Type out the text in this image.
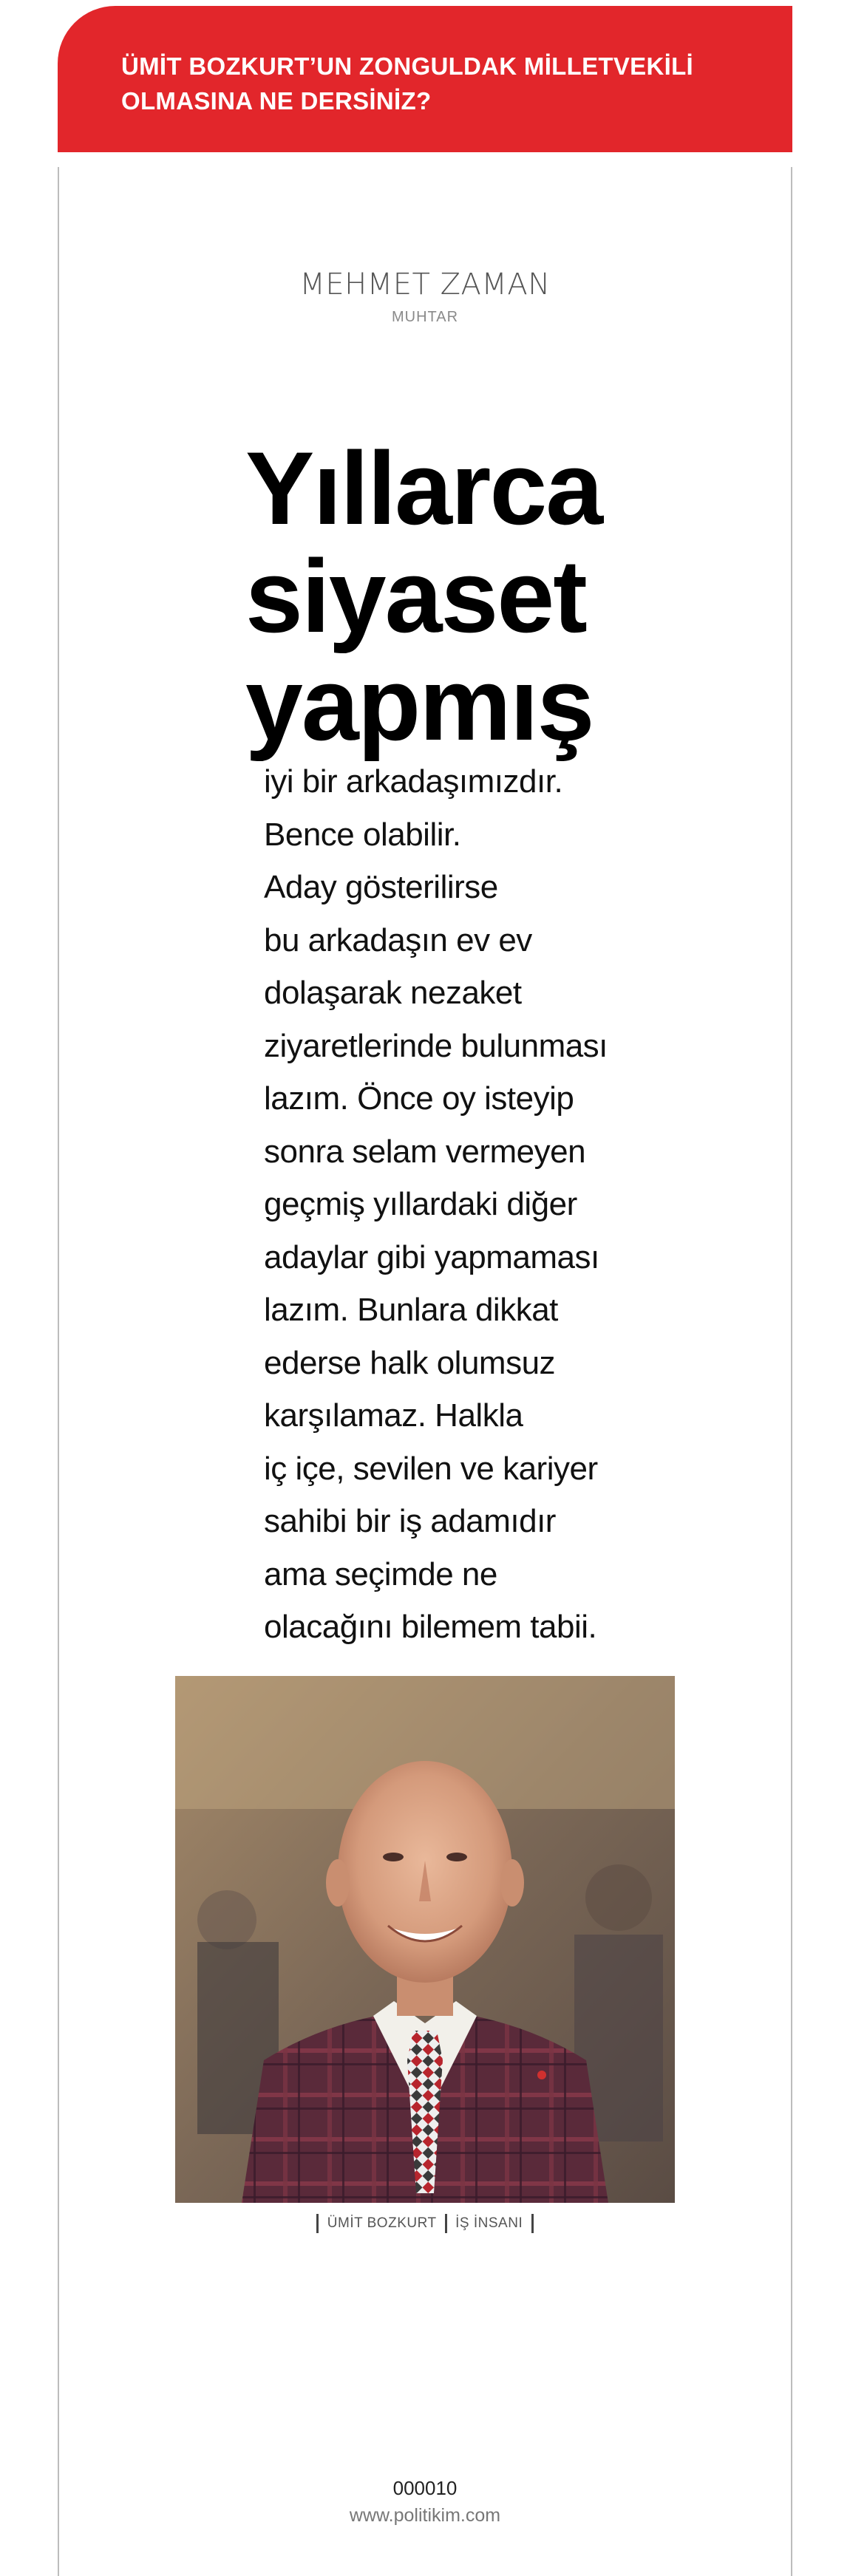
ÜMİT BOZKURT’UN ZONGULDAK MİLLETVEKİLİ
OLMASINA NE DERSİNİZ?

MEHMET ZAMAN
MUHTAR
Yıllarca
siyaset
yapmış
iyi bir arkadaşımızdır.
Bence olabilir.
Aday gösterilirse
bu arkadaşın ev ev
dolaşarak nezaket
ziyaretlerinde bulunması
lazım. Önce oy isteyip
sonra selam vermeyen
geçmiş yıllardaki diğer
adaylar gibi yapmaması
lazım. Bunlara dikkat
ederse halk olumsuz
karşılamaz. Halkla
iç içe, sevilen ve kariyer
sahibi bir iş adamıdır
ama seçimde ne
olacağını bilemem tabii.
ÜMİT BOZKURT İŞ İNSANI
000010
www.politikim.com
